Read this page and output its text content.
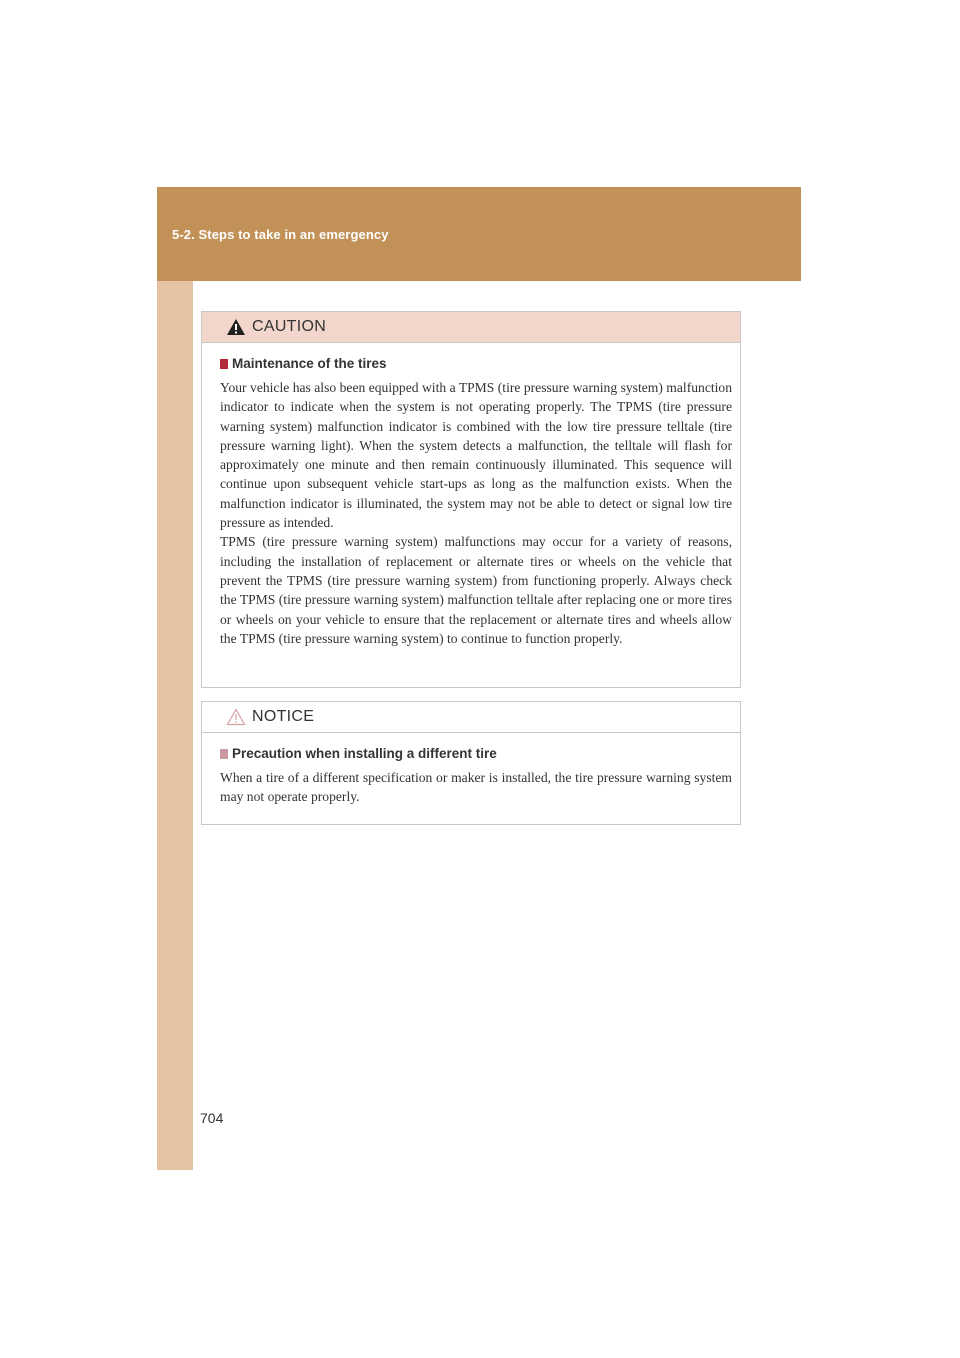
5-2. Steps to take in an emergency
CAUTION
Maintenance of the tires

Your vehicle has also been equipped with a TPMS (tire pressure warning system) malfunction indicator to indicate when the system is not operating properly. The TPMS (tire pressure warning system) malfunction indicator is combined with the low tire pressure telltale (tire pressure warning light). When the system detects a malfunction, the telltale will flash for approximately one minute and then remain continuously illuminated. This sequence will continue upon subsequent vehicle start-ups as long as the malfunction exists. When the malfunction indicator is illuminated, the system may not be able to detect or signal low tire pressure as intended.

TPMS (tire pressure warning system) malfunctions may occur for a variety of reasons, including the installation of replacement or alternate tires or wheels on the vehicle that prevent the TPMS (tire pressure warning system) from functioning properly. Always check the TPMS (tire pressure warning system) malfunction telltale after replacing one or more tires or wheels on your vehicle to ensure that the replacement or alternate tires and wheels allow the TPMS (tire pressure warning system) to continue to function properly.

NOTICE
Precaution when installing a different tire

When a tire of a different specification or maker is installed, the tire pressure warning system may not operate properly.

704
